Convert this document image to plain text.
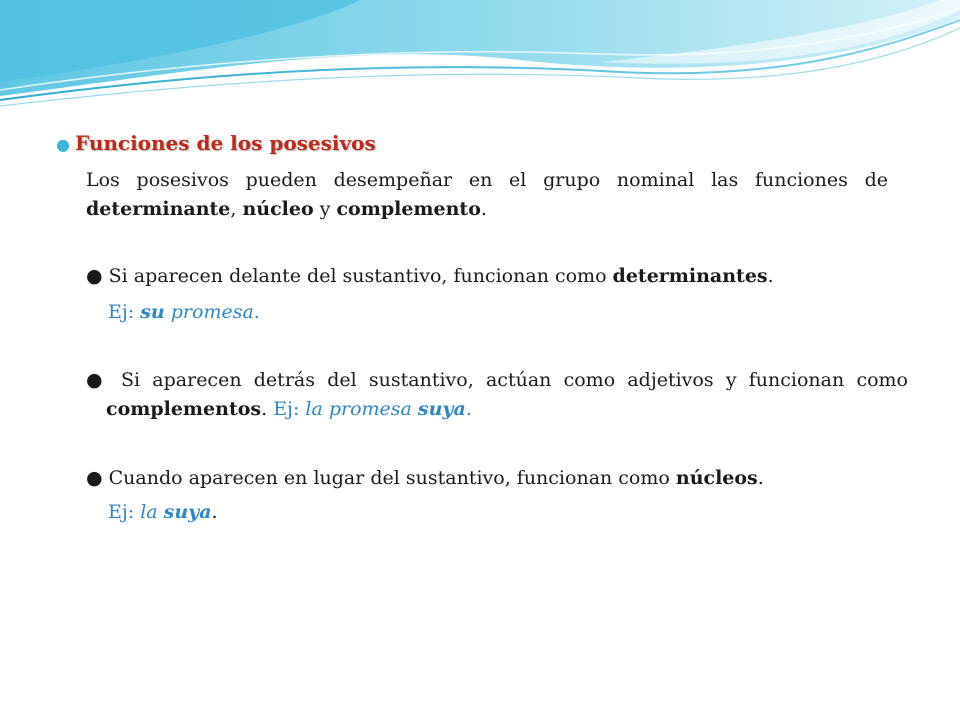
● Funciones de los posesivos
Los posesivos pueden desempeñar en el grupo nominal las funciones de determinante, núcleo y complemento.
● Si aparecen delante del sustantivo, funcionan como determinantes.
Ej: su promesa.
● Si aparecen detrás del sustantivo, actúan como adjetivos y funcionan como complementos. Ej: la promesa suya.
● Cuando aparecen en lugar del sustantivo, funcionan como núcleos.
Ej: la suya.
